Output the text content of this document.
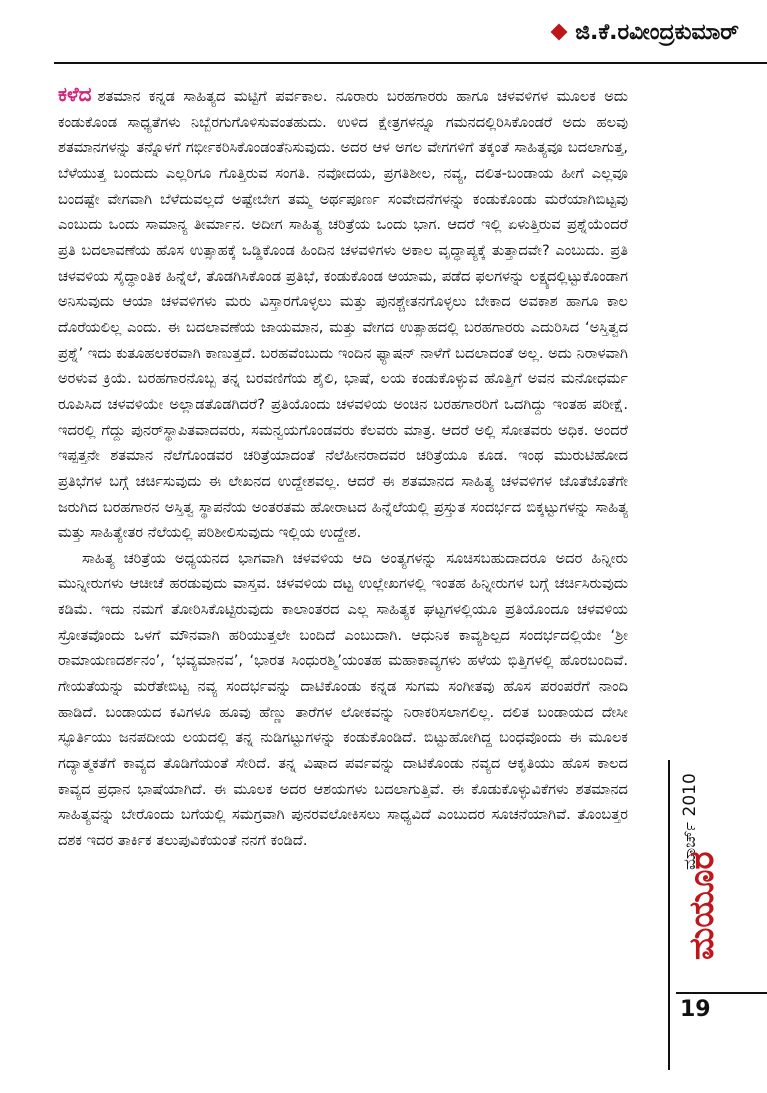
ಜಿ.ಕೆ.ರವೀಂದ್ರಕುಮಾರ್

ಕಳೆದ ಶತಮಾನ ಕನ್ನಡ ಸಾಹಿತ್ಯದ ಮಟ್ಟಿಗೆ ಪರ್ವಕಾಲ. ನೂರಾರು ಬರಹಗಾರರು ಹಾಗೂ ಚಳವಳಿಗಳ ಮೂಲಕ ಅದು ಕಂಡುಕೊಂಡ ಸಾಧ್ಯತೆಗಳು ನಿಬ್ಬೆರಗುಗೊಳಿಸುವಂತಹುದು. ಉಳಿದ ಕ್ಷೇತ್ರಗಳನ್ನೂ ಗಮನದಲ್ಲಿರಿಸಿಕೊಂಡರೆ ಅದು ಹಲವು ಶತಮಾನಗಳನ್ನು ತನ್ನೊಳಗೆ ಗರ್ಭೀಕರಿಸಿಕೊಂಡಂತೆನಿಸುವುದು. ಅದರ ಆಳ ಅಗಲ ವೇಗಗಳಿಗೆ ತಕ್ಕಂತೆ ಸಾಹಿತ್ಯವೂ ಬದಲಾಗುತ್ತ, ಬೆಳೆಯುತ್ತ ಬಂದುದು ಎಲ್ಲರಿಗೂ ಗೊತ್ತಿರುವ ಸಂಗತಿ. ನವೋದಯ, ಪ್ರಗತಿಶೀಲ, ನವ್ಯ, ದಲಿತ-ಬಂಡಾಯ ಹೀಗೆ ಎಲ್ಲವೂ ಬಂದಷ್ಟೇ ವೇಗವಾಗಿ ಬೆಳೆದುವಲ್ಲದೆ ಅಷ್ಟೇಬೇಗ ತಮ್ಮ ಅರ್ಥಪೂರ್ಣ ಸಂವೇದನೆಗಳನ್ನು ಕಂಡುಕೊಂಡು ಮರೆಯಾಗಿಬಿಟ್ಟವು ಎಂಬುದು ಒಂದು ಸಾಮಾನ್ಯ ತೀರ್ಮಾನ. ಅದೀಗ ಸಾಹಿತ್ಯ ಚರಿತ್ರೆಯ ಒಂದು ಭಾಗ. ಆದರೆ ಇಲ್ಲಿ ಏಳುತ್ತಿರುವ ಪ್ರಶ್ನೆಯೆಂದರೆ ಪ್ರತಿ ಬದಲಾವಣೆಯ ಹೊಸ ಉತ್ಸಾಹಕ್ಕೆ ಒಡ್ಡಿಕೊಂಡ ಹಿಂದಿನ ಚಳವಳಿಗಳು ಅಕಾಲ ವೃದ್ಧಾಪ್ಯಕ್ಕೆ ತುತ್ತಾದವೇ? ಎಂಬುದು. ಪ್ರತಿ ಚಳವಳಿಯ ಸೈದ್ಧಾಂತಿಕ ಹಿನ್ನೆಲೆ, ತೊಡಗಿಸಿಕೊಂಡ ಪ್ರತಿಭೆ, ಕಂಡುಕೊಂಡ ಆಯಾಮ, ಪಡೆದ ಫಲಗಳನ್ನು ಲಕ್ಷ್ಯದಲ್ಲಿಟ್ಟುಕೊಂಡಾಗ ಅನಿಸುವುದು ಆಯಾ ಚಳವಳಿಗಳು ಮರು ವಿಸ್ತಾರಗೊಳ್ಳಲು ಮತ್ತು ಪುನಶ್ಚೇತನಗೊಳ್ಳಲು ಬೇಕಾದ ಅವಕಾಶ ಹಾಗೂ ಕಾಲ ದೊರೆಯಲಿಲ್ಲ ಎಂದು. ಈ ಬದಲಾವಣೆಯ ಜಾಯಮಾನ, ಮತ್ತು ವೇಗದ ಉತ್ಸಾಹದಲ್ಲಿ ಬರಹಗಾರರು ಎದುರಿಸಿದ ‘ಅಸ್ತಿತ್ವದ ಪ್ರಶ್ನೆ’ ಇದು ಕುತೂಹಲಕರವಾಗಿ ಕಾಣುತ್ತದೆ. ಬರಹವೆಂಬುದು ಇಂದಿನ ಫ್ಯಾಷನ್ ನಾಳೆಗೆ ಬದಲಾದಂತೆ ಅಲ್ಲ. ಅದು ನಿರಾಳವಾಗಿ ಅರಳುವ ಕ್ರಿಯೆ. ಬರಹಗಾರನೊಬ್ಬ ತನ್ನ ಬರವಣಿಗೆಯ ಶೈಲಿ, ಭಾಷೆ, ಲಯ ಕಂಡುಕೊಳ್ಳುವ ಹೊತ್ತಿಗೆ ಅವನ ಮನೋಧರ್ಮ ರೂಪಿಸಿದ ಚಳವಳಿಯೇ ಅಲ್ಲಾಡತೊಡಗಿದರೆ? ಪ್ರತಿಯೊಂದು ಚಳವಳಿಯ ಅಂಚಿನ ಬರಹಗಾರರಿಗೆ ಒದಗಿದ್ದು ಇಂತಹ ಪರೀಕ್ಷೆ. ಇದರಲ್ಲಿ ಗೆದ್ದು ಪುನರ್‌ಸ್ಥಾಪಿತವಾದವರು, ಸಮನ್ವಯಗೊಂಡವರು ಕೆಲವರು ಮಾತ್ರ. ಆದರೆ ಅಲ್ಲಿ ಸೋತವರು ಅಧಿಕ. ಅಂದರೆ ಇಪ್ಪತ್ತನೇ ಶತಮಾನ ನೆಲೆಗೊಂಡವರ ಚರಿತ್ರೆಯಾದಂತೆ ನೆಲೆಹೀನರಾದವರ ಚರಿತ್ರೆಯೂ ಕೂಡ. ಇಂಥ ಮುರುಟಿಹೋದ ಪ್ರತಿಭೆಗಳ ಬಗ್ಗೆ ಚರ್ಚಿಸುವುದು ಈ ಲೇಖನದ ಉದ್ದೇಶವಲ್ಲ. ಆದರೆ ಈ ಶತಮಾನದ ಸಾಹಿತ್ಯ ಚಳವಳಿಗಳ ಜೊತೆಜೊತೆಗೇ ಜರುಗಿದ ಬರಹಗಾರನ ಅಸ್ತಿತ್ವ ಸ್ಥಾಪನೆಯ ಅಂತರತಮ ಹೋರಾಟದ ಹಿನ್ನೆಲೆಯಲ್ಲಿ ಪ್ರಸ್ತುತ ಸಂದರ್ಭದ ಬಿಕ್ಕಟ್ಟುಗಳನ್ನು ಸಾಹಿತ್ಯ ಮತ್ತು ಸಾಹಿತ್ಯೇತರ ನೆಲೆಯಲ್ಲಿ ಪರಿಶೀಲಿಸುವುದು ಇಲ್ಲಿಯ ಉದ್ದೇಶ.

ಸಾಹಿತ್ಯ ಚರಿತ್ರೆಯ ಅಧ್ಯಯನದ ಭಾಗವಾಗಿ ಚಳವಳಿಯ ಆದಿ ಅಂತ್ಯಗಳನ್ನು ಸೂಚಿಸಬಹುದಾದರೂ ಅದರ ಹಿನ್ನೀರು ಮುನ್ನೀರುಗಳು ಆಚೀಚೆ ಹರಡುವುದು ವಾಸ್ತವ. ಚಳವಳಿಯ ದಟ್ಟ ಉಲ್ಲೇಖಗಳಲ್ಲಿ ಇಂತಹ ಹಿನ್ನೀರುಗಳ ಬಗ್ಗೆ ಚರ್ಚಿಸಿರುವುದು ಕಡಿಮೆ. ಇದು ನಮಗೆ ತೋರಿಸಿಕೊಟ್ಟಿರುವುದು ಕಾಲಾಂತರದ ಎಲ್ಲ ಸಾಹಿತ್ಯಕ ಘಟ್ಟಗಳಲ್ಲಿಯೂ ಪ್ರತಿಯೊಂದೂ ಚಳವಳಿಯ ಸ್ರೋತವೊಂದು ಒಳಗೆ ಮೌನವಾಗಿ ಹರಿಯುತ್ತಲೇ ಬಂದಿದೆ ಎಂಬುದಾಗಿ. ಆಧುನಿಕ ಕಾವ್ಯಶಿಲ್ಪದ ಸಂದರ್ಭದಲ್ಲಿಯೇ ‘ಶ್ರೀ ರಾಮಾಯಣದರ್ಶನಂ’, ‘ಭವ್ಯಮಾನವ’, ‘ಭಾರತ ಸಿಂಧುರಶ್ಮಿ’ಯಂತಹ ಮಹಾಕಾವ್ಯಗಳು ಹಳೆಯ ಭಿತ್ತಿಗಳಲ್ಲಿ ಹೊರಬಂದಿವೆ. ಗೇಯತೆಯನ್ನು ಮರೆತೇಬಿಟ್ಟ ನವ್ಯ ಸಂದರ್ಭವನ್ನು ದಾಟಿಕೊಂಡು ಕನ್ನಡ ಸುಗಮ ಸಂಗೀತವು ಹೊಸ ಪರಂಪರೆಗೆ ನಾಂದಿ ಹಾಡಿದೆ. ಬಂಡಾಯದ ಕವಿಗಳೂ ಹೂವು ಹೆಣ್ಣು ತಾರೆಗಳ ಲೋಕವನ್ನು ನಿರಾಕರಿಸಲಾಗಲಿಲ್ಲ. ದಲಿತ ಬಂಡಾಯದ ದೇಸೀ ಸ್ಫೂರ್ತಿಯು ಜನಪದೀಯ ಲಯದಲ್ಲಿ ತನ್ನ ನುಡಿಗಟ್ಟುಗಳನ್ನು ಕಂಡುಕೊಂಡಿದೆ. ಬಿಟ್ಟುಹೋಗಿದ್ದ ಬಂಧವೊಂದು ಈ ಮೂಲಕ ಗದ್ಯಾತ್ಮಕತೆಗೆ ಕಾವ್ಯದ ತೊಡಿಗೆಯಂತೆ ಸೇರಿದೆ. ತನ್ನ ವಿಷಾದ ಪರ್ವವನ್ನು ದಾಟಿಕೊಂಡು ನವ್ಯದ ಆಕೃತಿಯು ಹೊಸ ಕಾಲದ ಕಾವ್ಯದ ಪ್ರಧಾನ ಭಾಷೆಯಾಗಿದೆ. ಈ ಮೂಲಕ ಅದರ ಆಶಯಗಳು ಬದಲಾಗುತ್ತಿವೆ. ಈ ಕೊಡುಕೊಳ್ಳುವಿಕೆಗಳು ಶತಮಾನದ ಸಾಹಿತ್ಯವನ್ನು ಬೇರೊಂದು ಬಗೆಯಲ್ಲಿ ಸಮಗ್ರವಾಗಿ ಪುನರವಲೋಕಿಸಲು ಸಾಧ್ಯವಿದೆ ಎಂಬುದರ ಸೂಚನೆಯಾಗಿವೆ. ತೊಂಬತ್ತರ ದಶಕ ಇದರ ತಾರ್ಕಿಕ ತಲುಪುವಿಕೆಯಂತೆ ನನಗೆ ಕಂಡಿದೆ.	ಮಾರ್ಚ್ 2010
ಮಯೂರ
19
